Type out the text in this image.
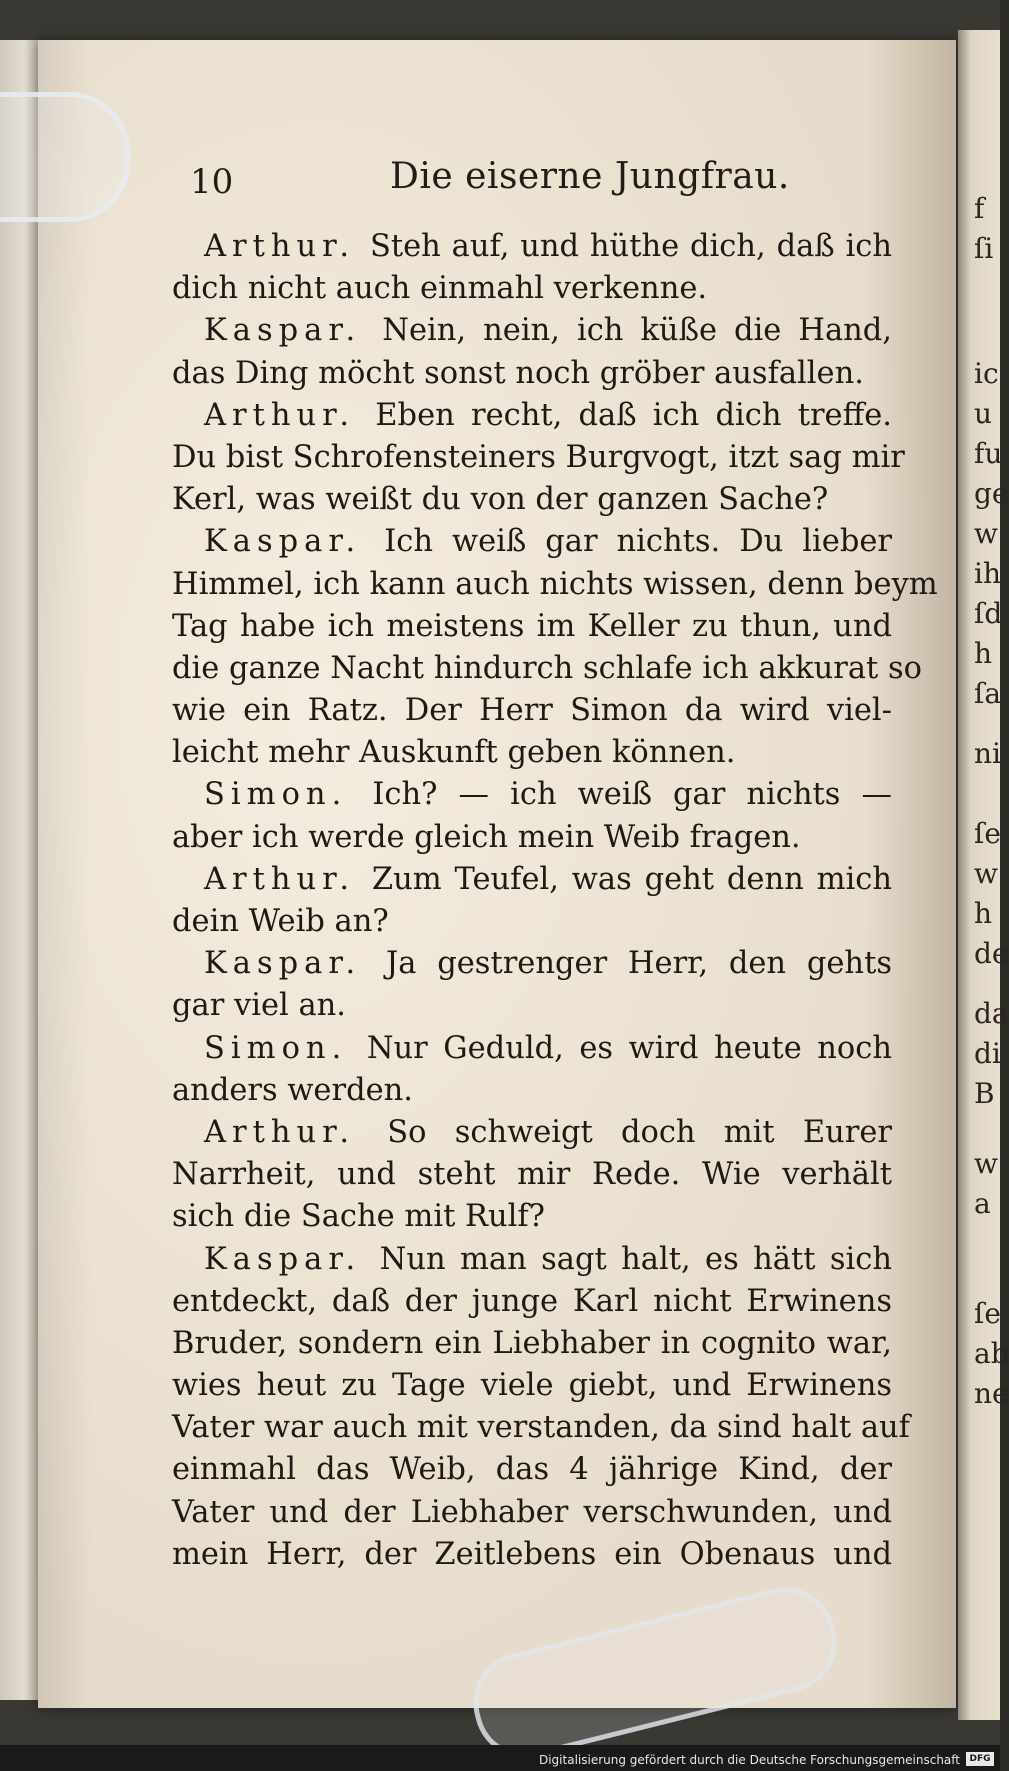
f
ſi
ic
u
fu
ge
w
ih
ſd
h
ſa
ni
ſe
w
h
de
da
di
B
w
a
ſe
ab
ne
10	Die eiserne Jungfrau.
Arthur. Steh auf, und hüthe dich, daß ich
dich nicht auch einmahl verkenne.
Kaspar. Nein, nein, ich küße die Hand,
das Ding möcht sonst noch gröber ausfallen.
Arthur. Eben recht, daß ich dich treffe.
Du bist Schrofensteiners Burgvogt, itzt sag mir
Kerl, was weißt du von der ganzen Sache?
Kaspar. Ich weiß gar nichts. Du lieber
Himmel, ich kann auch nichts wissen, denn beym
Tag habe ich meistens im Keller zu thun, und
die ganze Nacht hindurch schlafe ich akkurat so
wie ein Ratz. Der Herr Simon da wird viel-
leicht mehr Auskunft geben können.
Simon. Ich? — ich weiß gar nichts —
aber ich werde gleich mein Weib fragen.
Arthur. Zum Teufel, was geht denn mich
dein Weib an?
Kaspar. Ja gestrenger Herr, den gehts
gar viel an.
Simon. Nur Geduld, es wird heute noch
anders werden.
Arthur. So schweigt doch mit Eurer
Narrheit, und steht mir Rede. Wie verhält
sich die Sache mit Rulf?
Kaspar. Nun man sagt halt, es hätt sich
entdeckt, daß der junge Karl nicht Erwinens
Bruder, sondern ein Liebhaber in cognito war,
wies heut zu Tage viele giebt, und Erwinens
Vater war auch mit verstanden, da sind halt auf
einmahl das Weib, das 4 jährige Kind, der
Vater und der Liebhaber verschwunden, und
mein Herr, der Zeitlebens ein Obenaus und
Digitalisierung gefördert durch die Deutsche Forschungsgemeinschaft	DFG
